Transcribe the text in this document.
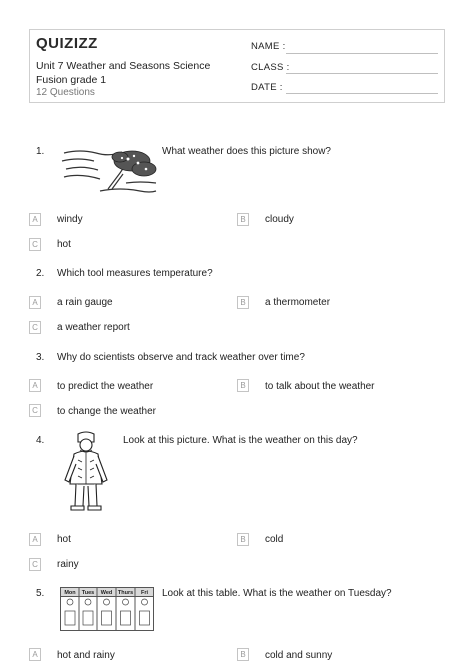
QUIZIZZ
Unit 7 Weather and Seasons Science Fusion grade 1
12 Questions
NAME :
CLASS :
DATE :
1.	What weather does this picture show?
A	windy	B	cloudy
C	hot
2. Which tool measures temperature?
A	a rain gauge	B	a thermometer
C	a weather report
3. Why do scientists observe and track weather over time?
A	to predict the weather	B	to talk about the weather
C	to change the weather
4.	Look at this picture. What is the weather on this day?
A	hot	B	cold
C	rainy
5.	Mon Tues Wed Thurs Fri Look at this table. What is the weather on Tuesday?
A	hot and rainy	B	cold and sunny
